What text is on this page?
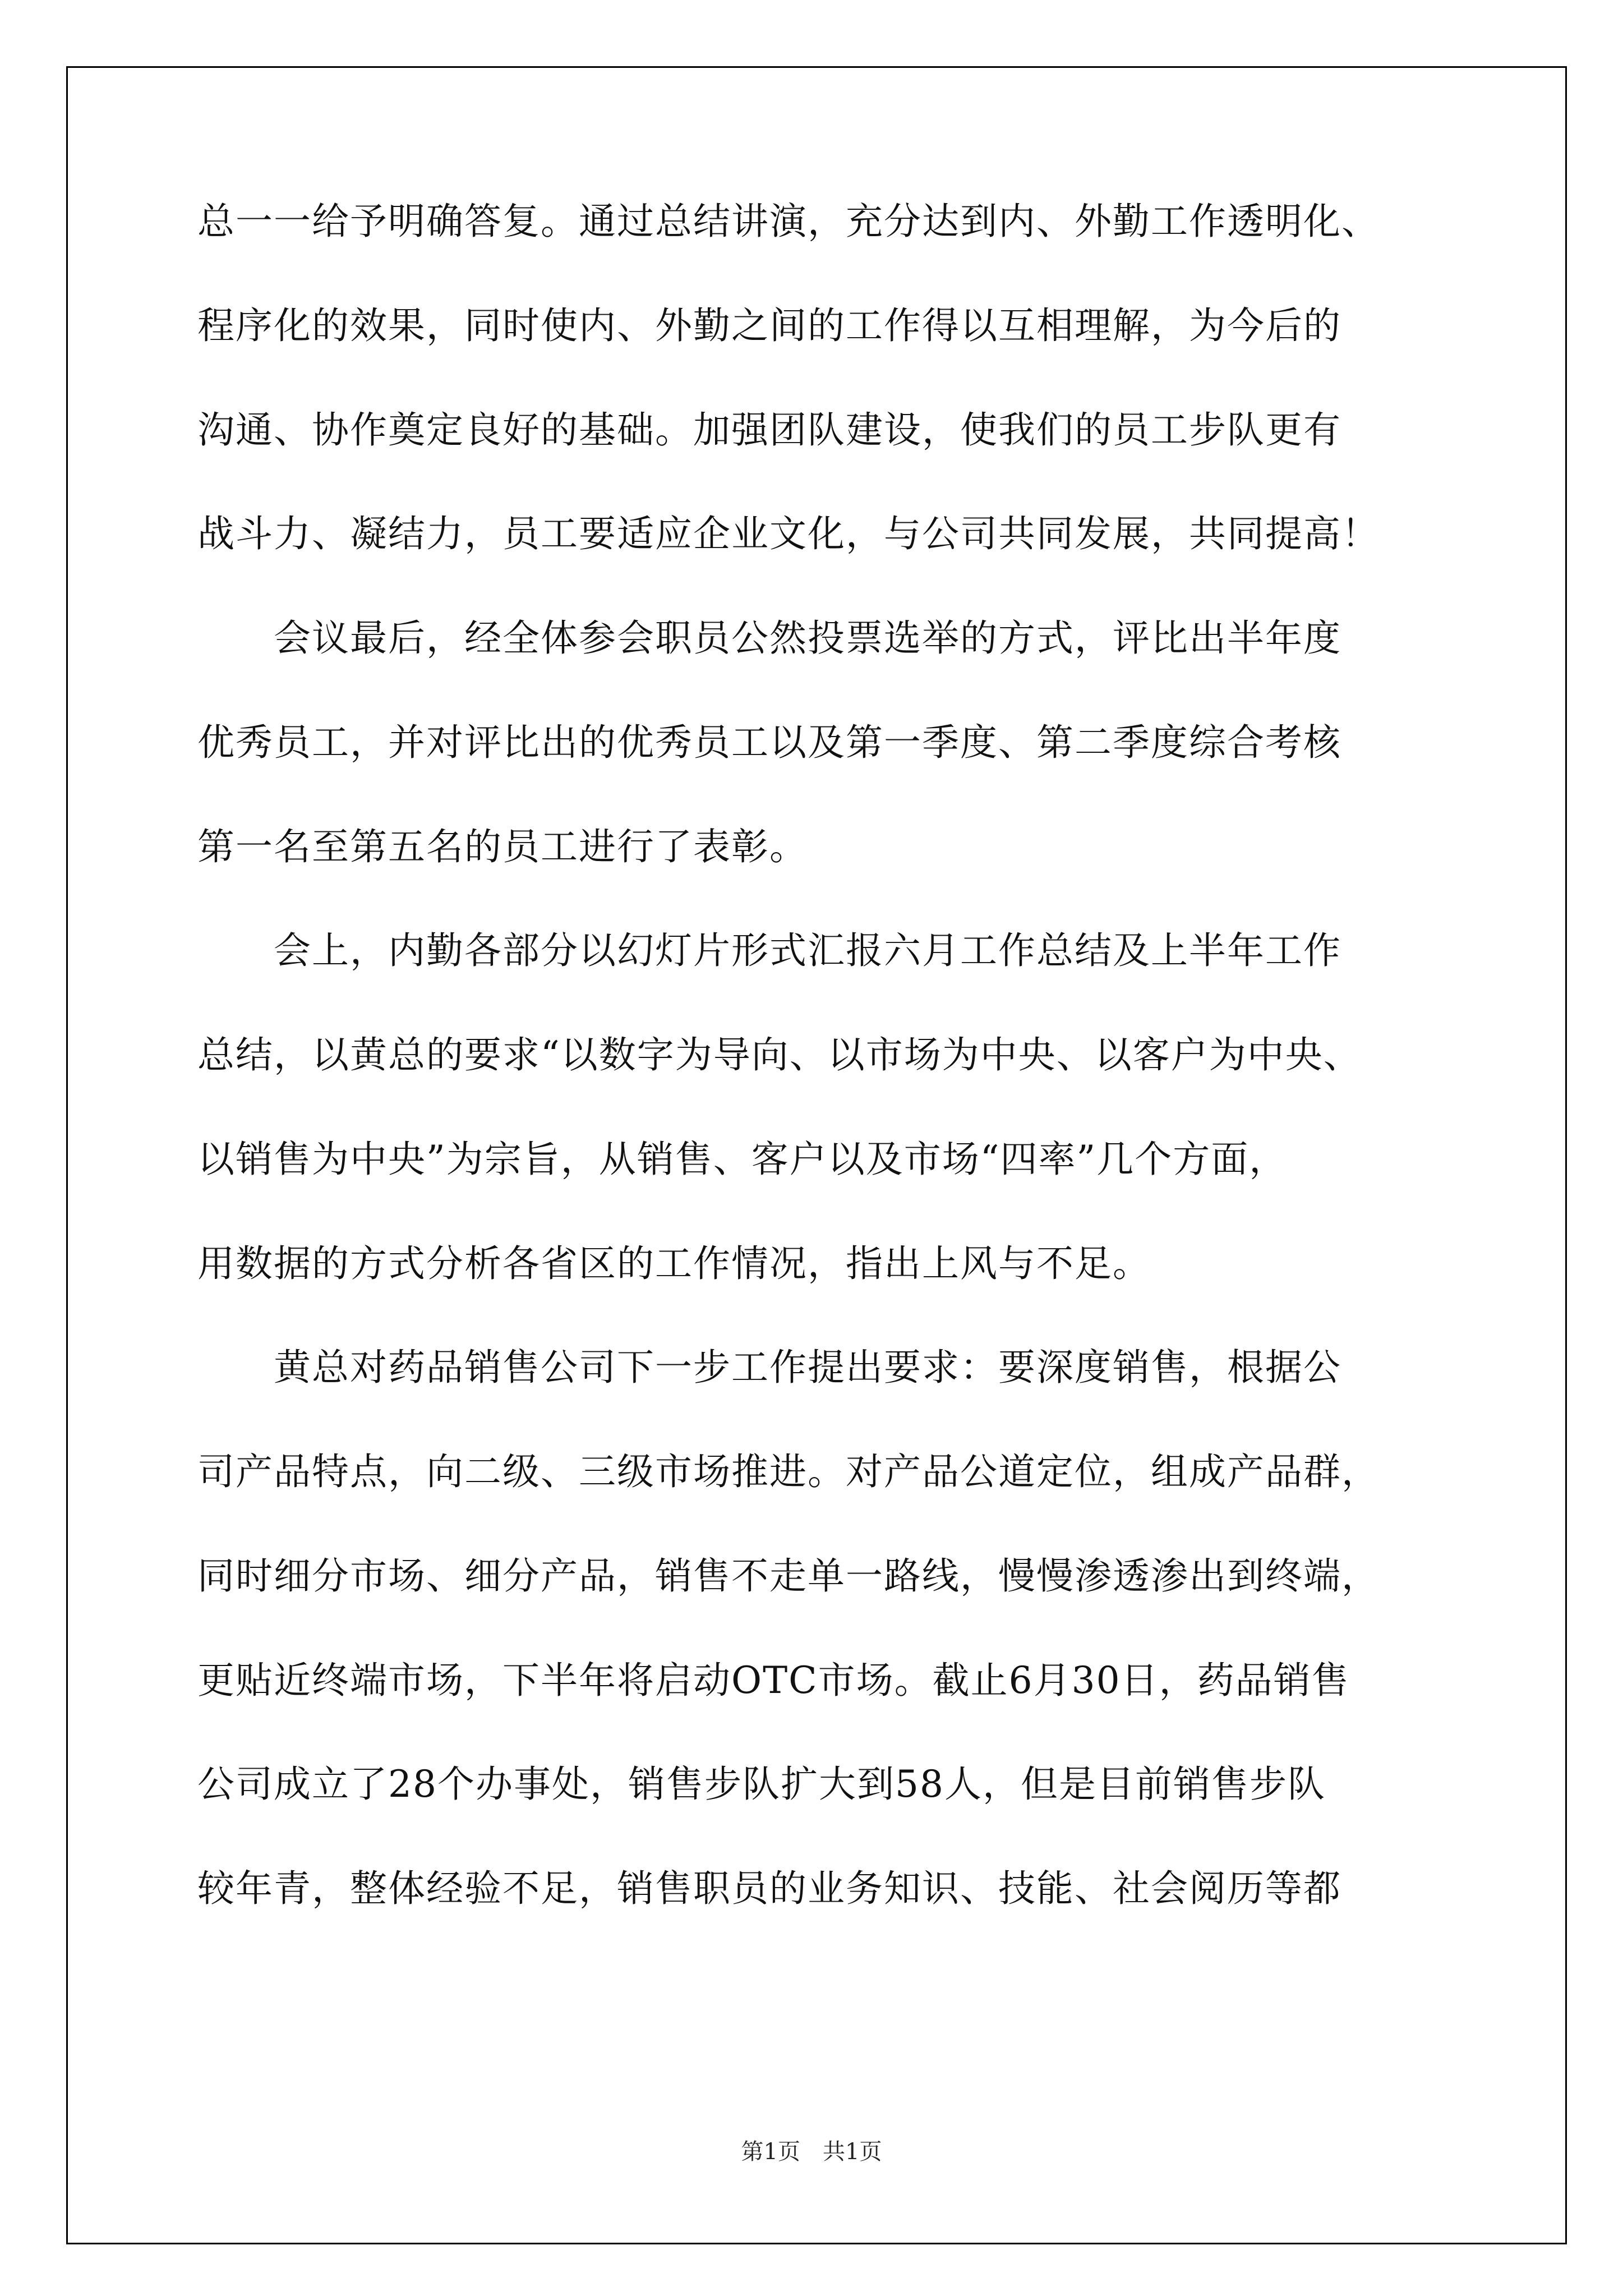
总一一给予明确答复。通过总结讲演，充分达到内、外勤工作透明化、
程序化的效果，同时使内、外勤之间的工作得以互相理解，为今后的
沟通、协作奠定良好的基础。加强团队建设，使我们的员工步队更有
战斗力、凝结力，员工要适应企业文化，与公司共同发展，共同提高！
　　会议最后，经全体参会职员公然投票选举的方式，评比出半年度
优秀员工，并对评比出的优秀员工以及第一季度、第二季度综合考核
第一名至第五名的员工进行了表彰。
　　会上，内勤各部分以幻灯片形式汇报六月工作总结及上半年工作
总结，以黄总的要求“以数字为导向、以市场为中央、以客户为中央、
以销售为中央”为宗旨，从销售、客户以及市场“四率”几个方面，
用数据的方式分析各省区的工作情况，指出上风与不足。
　　黄总对药品销售公司下一步工作提出要求：要深度销售，根据公
司产品特点，向二级、三级市场推进。对产品公道定位，组成产品群，
同时细分市场、细分产品，销售不走单一路线，慢慢渗透渗出到终端，
更贴近终端市场，下半年将启动OTC市场。截止6月30日，药品销售
公司成立了28个办事处，销售步队扩大到58人，但是目前销售步队
较年青，整体经验不足，销售职员的业务知识、技能、社会阅历等都
第1页　共1页
